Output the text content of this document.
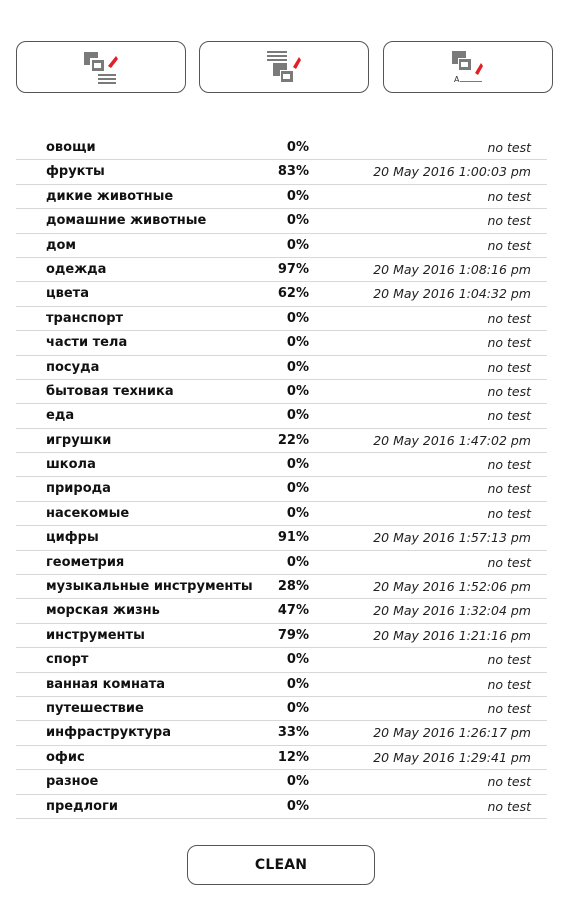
A
овощи	0%	no test
фрукты	83%	20 May 2016 1:00:03 pm
дикие животные	0%	no test
домашние животные	0%	no test
дом	0%	no test
одежда	97%	20 May 2016 1:08:16 pm
цвета	62%	20 May 2016 1:04:32 pm
транспорт	0%	no test
части тела	0%	no test
посуда	0%	no test
бытовая техника	0%	no test
еда	0%	no test
игрушки	22%	20 May 2016 1:47:02 pm
школа	0%	no test
природа	0%	no test
насекомые	0%	no test
цифры	91%	20 May 2016 1:57:13 pm
геометрия	0%	no test
музыкальные инструменты 28%	20 May 2016 1:52:06 pm
морская жизнь	47%	20 May 2016 1:32:04 pm
инструменты	79%	20 May 2016 1:21:16 pm
спорт	0%	no test
ванная комната	0%	no test
путешествие	0%	no test
инфраструктура	33%	20 May 2016 1:26:17 pm
офис	12%	20 May 2016 1:29:41 pm
разное	0%	no test
предлоги	0%	no test
CLEAN
